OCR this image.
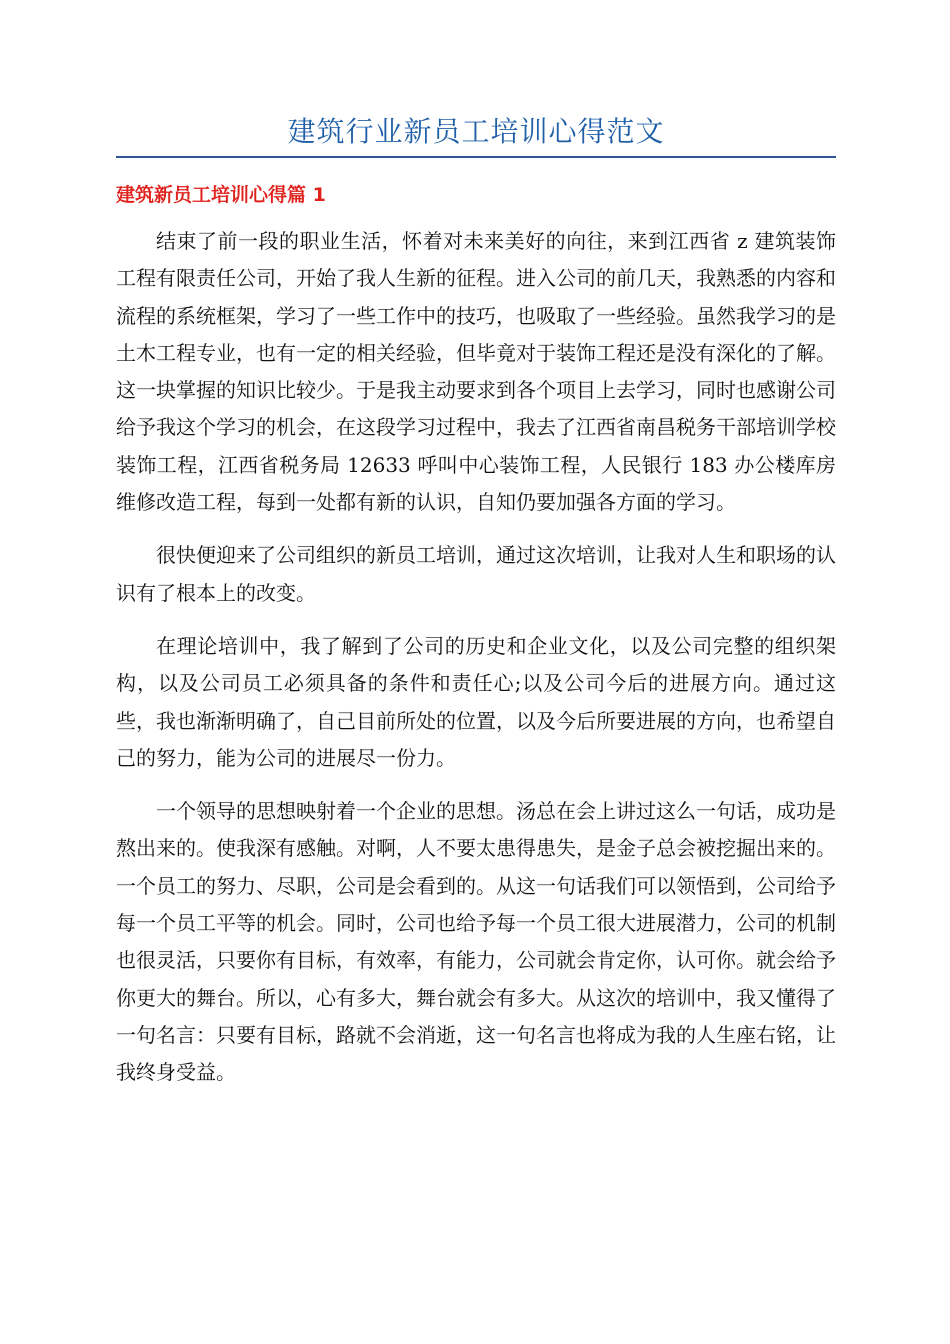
建筑行业新员工培训心得范文
建筑新员工培训心得篇 1

结束了前一段的职业生活，怀着对未来美好的向往，来到江西省 z 建筑装饰工程有限责任公司，开始了我人生新的征程。进入公司的前几天，我熟悉的内容和流程的系统框架，学习了一些工作中的技巧，也吸取了一些经验。虽然我学习的是土木工程专业，也有一定的相关经验，但毕竟对于装饰工程还是没有深化的了解。这一块掌握的知识比较少。于是我主动要求到各个项目上去学习，同时也感谢公司给予我这个学习的机会，在这段学习过程中，我去了江西省南昌税务干部培训学校装饰工程，江西省税务局 12633 呼叫中心装饰工程，人民银行 183 办公楼库房维修改造工程，每到一处都有新的认识，自知仍要加强各方面的学习。

很快便迎来了公司组织的新员工培训，通过这次培训，让我对人生和职场的认识有了根本上的改变。

在理论培训中，我了解到了公司的历史和企业文化，以及公司完整的组织架构，以及公司员工必须具备的条件和责任心;以及公司今后的进展方向。通过这些，我也渐渐明确了，自己目前所处的位置，以及今后所要进展的方向，也希望自己的努力，能为公司的进展尽一份力。

一个领导的思想映射着一个企业的思想。汤总在会上讲过这么一句话，成功是熬出来的。使我深有感触。对啊，人不要太患得患失，是金子总会被挖掘出来的。一个员工的努力、尽职，公司是会看到的。从这一句话我们可以领悟到，公司给予每一个员工平等的机会。同时，公司也给予每一个员工很大进展潜力，公司的机制也很灵活，只要你有目标，有效率，有能力，公司就会肯定你，认可你。就会给予你更大的舞台。所以，心有多大，舞台就会有多大。从这次的培训中，我又懂得了一句名言：只要有目标，路就不会消逝，这一句名言也将成为我的人生座右铭，让我终身受益。
